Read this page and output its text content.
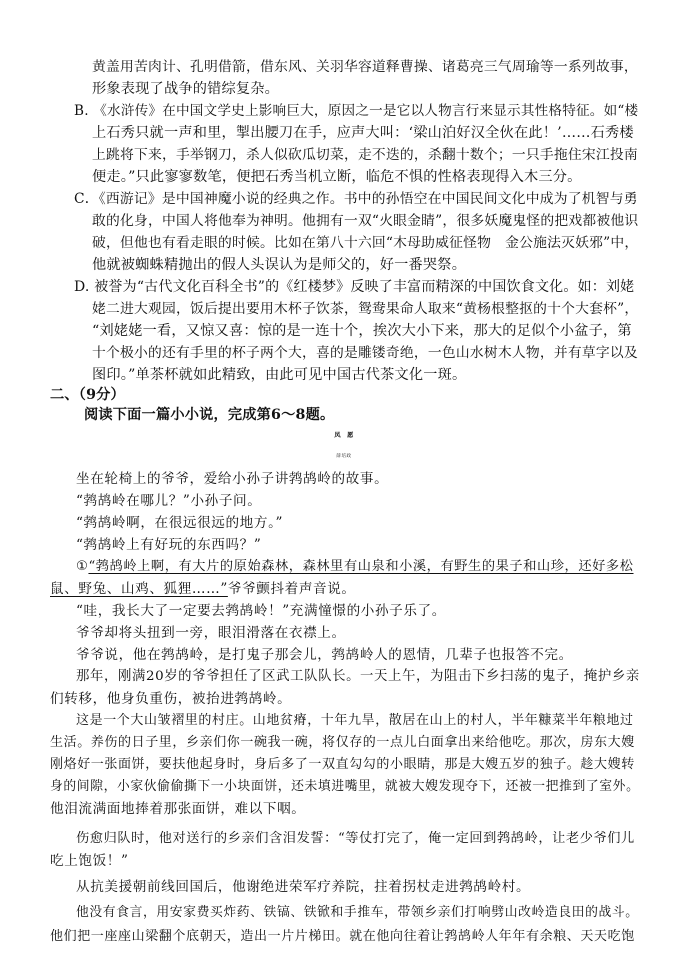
黄盖用苦肉计、孔明借箭，借东风、关羽华容道释曹操、诸葛亮三气周瑜等一系列故事，
形象表现了战争的错综复杂。
B. 《水浒传》在中国文学史上影响巨大，原因之一是它以人物言行来显示其性格特征。如“楼
上石秀只就一声和里，掣出腰刀在手，应声大叫：‘梁山泊好汉全伙在此！’……石秀楼
上跳将下来，手举钢刀，杀人似砍瓜切菜，走不迭的，杀翻十数个；一只手拖住宋江投南
便走。”只此寥寥数笔，便把石秀当机立断，临危不惧的性格表现得入木三分。
C．《西游记》是中国神魔小说的经典之作。书中的孙悟空在中国民间文化中成为了机智与勇
敢的化身，中国人将他奉为神明。他拥有一双“火眼金睛”，很多妖魔鬼怪的把戏都被他识
破，但他也有看走眼的时候。比如在第八十六回“木母助威征怪物　金公施法灭妖邪”中，
他就被蜘蛛精抛出的假人头误认为是师父的，好一番哭祭。
D. 被誉为“古代文化百科全书”的《红楼梦》反映了丰富而精深的中国饮食文化。如：刘姥
姥二进大观园，饭后提出要用木杯子饮茶，鸳鸯果命人取来“黄杨根整抠的十个大套杯”，
“刘姥姥一看，又惊又喜：惊的是一连十个，挨次大小下来，那大的足似个小盆子，第
十个极小的还有手里的杯子两个大，喜的是雕镂奇绝，一色山水树木人物，并有草字以及
图印。”单茶杯就如此精致，由此可见中国古代茶文化一斑。
二、（9分）
阅读下面一篇小小说，完成第6～8题。
凤　愿
薛培政
坐在轮椅上的爷爷，爱给小孙子讲鹁鸪岭的故事。
“鹁鸪岭在哪儿？”小孙子问。
“鹁鸪岭啊，在很远很远的地方。”
“鹁鸪岭上有好玩的东西吗？”
①“鹁鸪岭上啊，有大片的原始森林，森林里有山泉和小溪，有野生的果子和山珍，还好多松
鼠、野兔、山鸡、狐狸……”爷爷颤抖着声音说。
“哇，我长大了一定要去鹁鸪岭！”充满憧憬的小孙子乐了。
爷爷却将头扭到一旁，眼泪滑落在衣襟上。
爷爷说，他在鹁鸪岭，是打鬼子那会儿，鹁鸪岭人的恩情，几辈子也报答不完。
那年，刚满20岁的爷爷担任了区武工队队长。一天上午，为阻击下乡扫荡的鬼子，掩护乡亲
们转移，他身负重伤，被抬进鹁鸪岭。
这是一个大山皱褶里的村庄。山地贫瘠，十年九旱，散居在山上的村人，半年糠菜半年粮地过
生活。养伤的日子里，乡亲们你一碗我一碗，将仅存的一点儿白面拿出来给他吃。那次，房东大嫂
刚烙好一张面饼，要扶他起身时，身后多了一双直勾勾的小眼睛，那是大嫂五岁的独子。趁大嫂转
身的间隙，小家伙偷偷撕下一小块面饼，还未填进嘴里，就被大嫂发现夺下，还被一把推到了室外。
他泪流满面地捧着那张面饼，难以下咽。
伤愈归队时，他对送行的乡亲们含泪发誓：“等仗打完了，俺一定回到鹁鸪岭，让老少爷们儿
吃上饱饭！”
从抗美援朝前线回国后，他谢绝进荣军疗养院，拄着拐杖走进鹁鸪岭村。
他没有食言，用安家费买炸药、铁镐、铁锨和手推车，带领乡亲们打响劈山改岭造良田的战斗。
他们把一座座山梁翻个底朝天，造出一片片梯田。就在他向往着让鹁鸪岭人年年有余粮、天天吃饱
